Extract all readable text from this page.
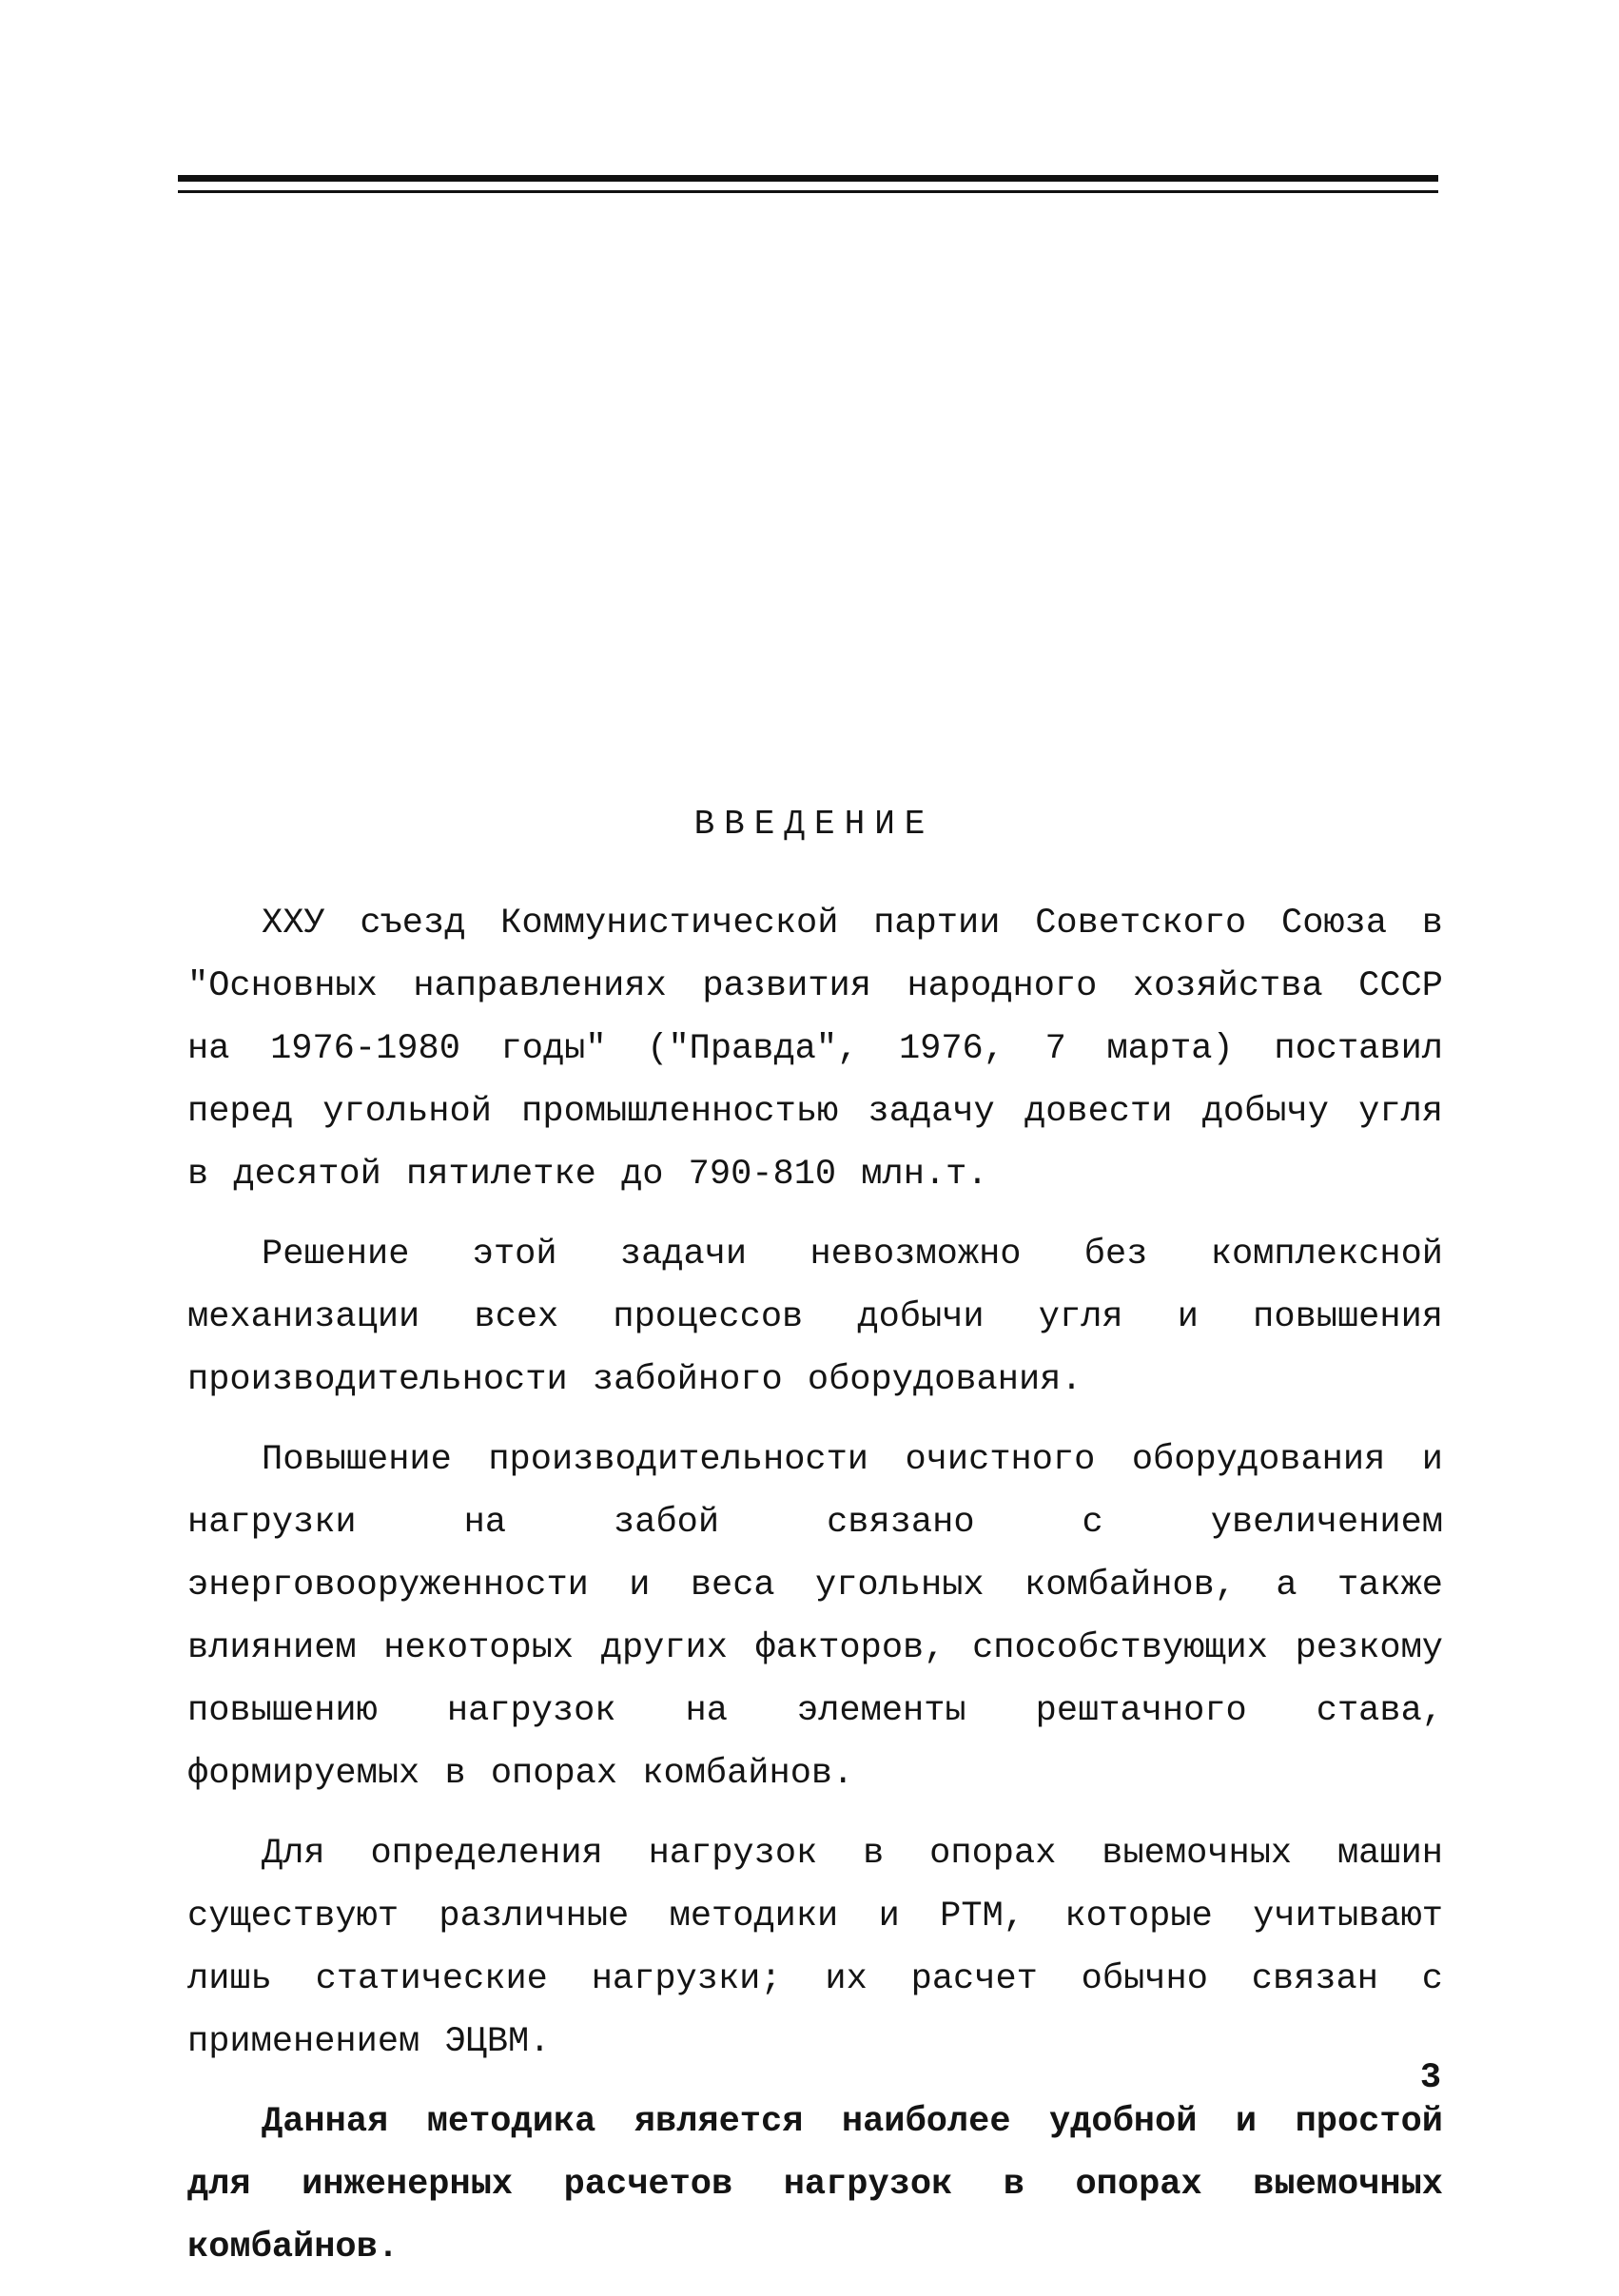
ВВЕДЕНИЕ

ХХУ съезд Коммунистической партии Советского Союза в "Основных направлениях развития народного хозяйства СССР на 1976-1980 годы" ("Правда", 1976, 7 марта) поставил перед угольной промышленностью задачу довести добычу угля в десятой пятилетке до 790-810 млн.т.

Решение этой задачи невозможно без комплексной механизации всех процессов добычи угля и повышения производительности забойного оборудования.

Повышение производительности очистного оборудования и нагрузки на забой связано с увеличением энерговооруженности и веса угольных комбайнов, а также влиянием некоторых других факторов, способствующих резкому повышению нагрузок на элементы рештачного става, формируемых в опорах комбайнов.

Для определения нагрузок в опорах выемочных машин существуют различные методики и РТМ, которые учитывают лишь статические нагрузки; их расчет обычно связан с применением ЭЦВМ.

Данная методика является наиболее удобной и простой для инженерных расчетов нагрузок в опорах выемочных комбайнов.

3
